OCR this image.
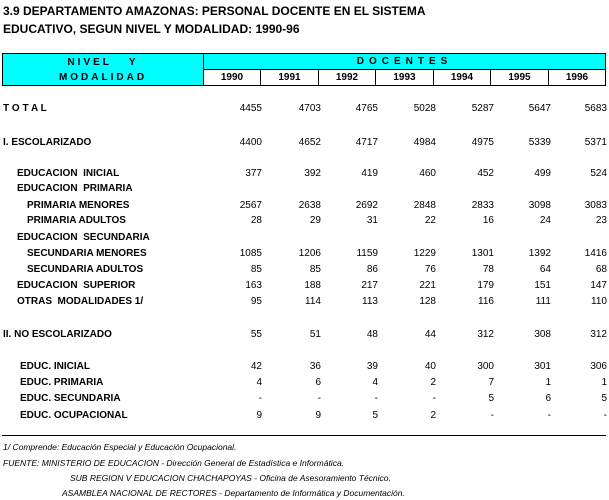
3.9 DEPARTAMENTO AMAZONAS: PERSONAL DOCENTE EN EL SISTEMA
EDUCATIVO, SEGUN NIVEL Y MODALIDAD: 1990-96
NIVEL   Y
MODALIDAD
DOCENTES
1990	1991	1992	1993	1994	1995	1996
T O T A L	4455	4703	4765	5028	5287	5647	5683
I. ESCOLARIZADO	4400	4652	4717	4984	4975	5339	5371
EDUCACION  INICIAL	377	392	419	460	452	499	524
EDUCACION  PRIMARIA
PRIMARIA MENORES	2567	2638	2692	2848	2833	3098	3083
PRIMARIA ADULTOS	28	29	31	22	16	24	23
EDUCACION  SECUNDARIA
SECUNDARIA MENORES	1085	1206	1159	1229	1301	1392	1416
SECUNDARIA ADULTOS	85	85	86	76	78	64	68
EDUCACION  SUPERIOR	163	188	217	221	179	151	147
OTRAS  MODALIDADES 1/	95	114	113	128	116	111	110
II. NO ESCOLARIZADO	55	51	48	44	312	308	312
EDUC. INICIAL	42	36	39	40	300	301	306
EDUC. PRIMARIA	4	6	4	2	7	1	1
EDUC. SECUNDARIA	-	-	-	-	5	6	5
EDUC. OCUPACIONAL	9	9	5	2	-	-	-
1/ Comprende: Educación Especial y Educación Ocupacional.
FUENTE: MINISTERIO DE EDUCACION - Dirección General de Estadística e Informática.
SUB REGION V EDUCACION CHACHAPOYAS - Oficina de Asesoramiento Técnico.
ASAMBLEA NACIONAL DE RECTORES - Departamento de Informática y Documentación.
